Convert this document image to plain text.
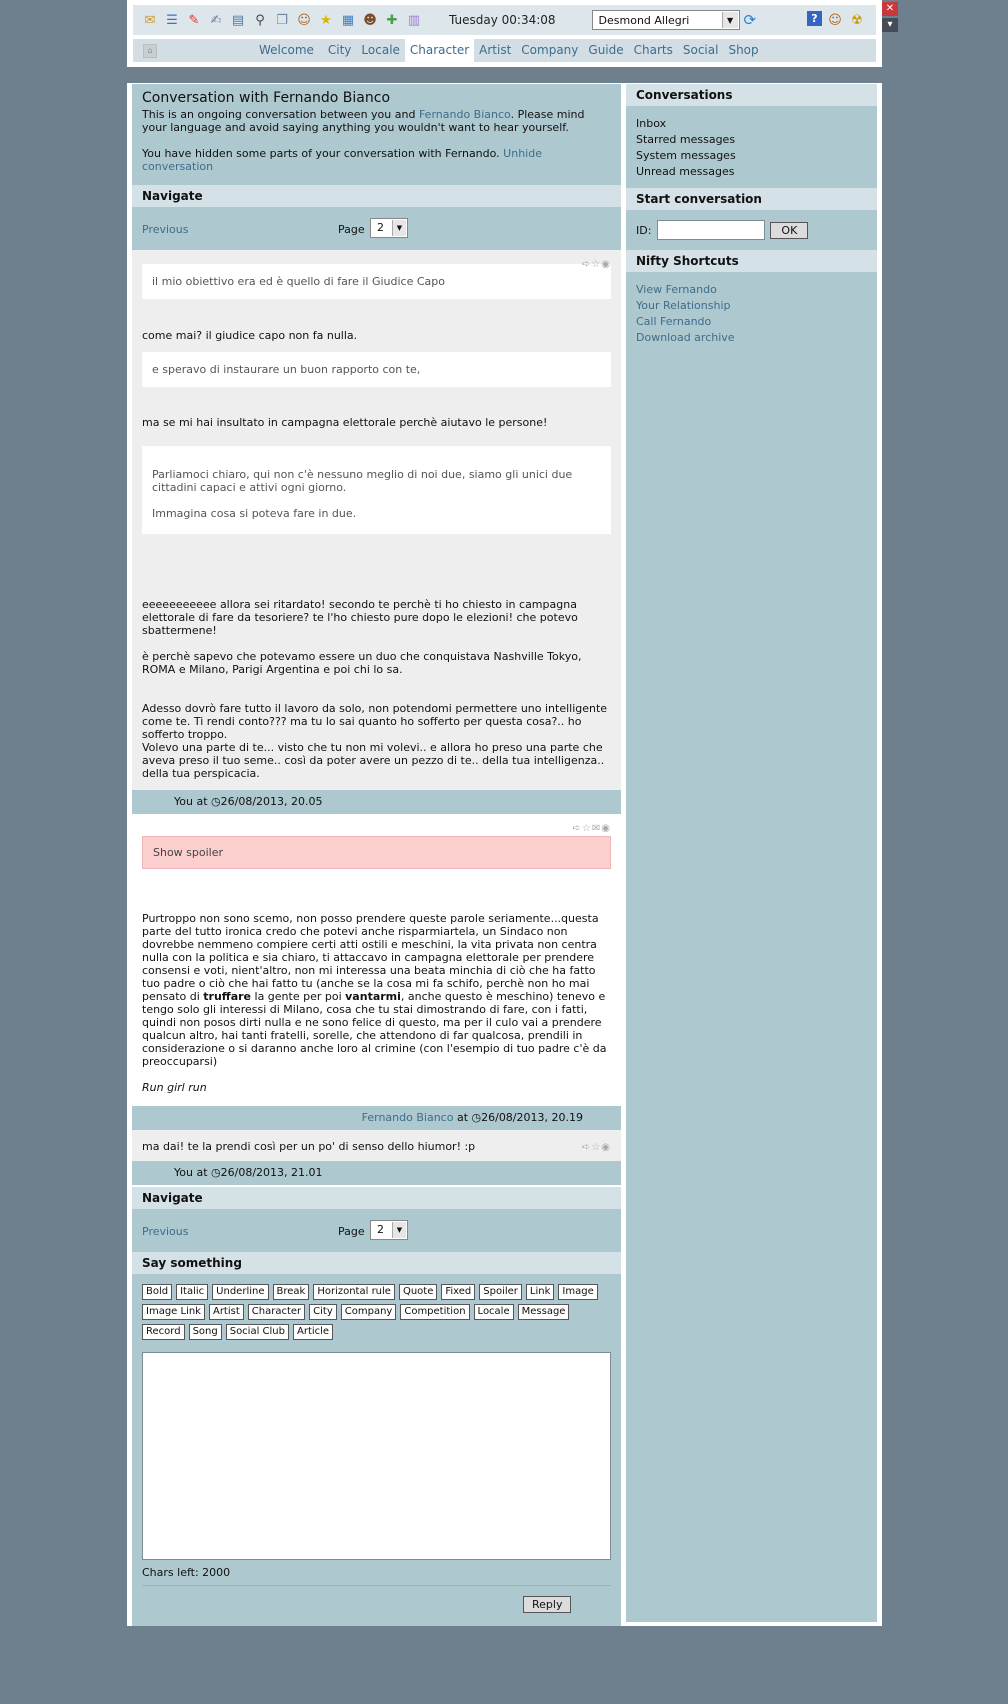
✉ ☰ ✎ ✍ ▤ ⚲ ❐ ☺ ★ ▦ ☻ ✚ ▥ Tuesday 00:34:08	Desmond Allegri	▼ ⟳	? ☺ ☢
⌂	Welcome	City Locale Character Artist Company Guide Charts Social Shop
✕
▾
Conversation with Fernando Bianco
This is an ongoing conversation between you and Fernando Bianco. Please mind your language and avoid saying anything you wouldn't want to hear yourself.

You have hidden some parts of your conversation with Fernando. Unhide conversation
Navigate
Previous	Page	2	▼
➪☆◉
il mio obiettivo era ed è quello di fare il Giudice Capo

come mai? il giudice capo non fa nulla.

e speravo di instaurare un buon rapporto con te,

ma se mi hai insultato in campagna elettorale perchè aiutavo le persone!

Parliamoci chiaro, qui non c'è nessuno meglio di noi due, siamo gli unici due cittadini capaci e attivi ogni giorno.

Immagina cosa si poteva fare in due.

eeeeeeeeeee allora sei ritardato! secondo te perchè ti ho chiesto in campagna elettorale di fare da tesoriere? te l'ho chiesto pure dopo le elezioni! che potevo sbattermene!

è perchè sapevo che potevamo essere un duo che conquistava Nashville Tokyo, ROMA e Milano, Parigi Argentina e poi chi lo sa.

Adesso dovrò fare tutto il lavoro da solo, non potendomi permettere uno intelligente come te. Ti rendi conto??? ma tu lo sai quanto ho sofferto per questa cosa?.. ho sofferto troppo.

Volevo una parte di te... visto che tu non mi volevi.. e allora ho preso una parte che aveva preso il tuo seme.. così da poter avere un pezzo di te.. della tua intelligenza.. della tua perspicacia.

You at ◷26/08/2013, 20.05
➪☆✉◉
Show spoiler

Purtroppo non sono scemo, non posso prendere queste parole seriamente...questa parte del tutto ironica credo che potevi anche risparmiartela, un Sindaco non dovrebbe nemmeno compiere certi atti ostili e meschini, la vita privata non centra nulla con la politica e sia chiaro, ti attaccavo in campagna elettorale per prendere consensi e voti, nient'altro, non mi interessa una beata minchia di ciò che ha fatto tuo padre o ciò che hai fatto tu (anche se la cosa mi fa schifo, perchè non ho mai pensato di truffare la gente per poi vantarmi, anche questo è meschino) tenevo e tengo solo gli interessi di Milano, cosa che tu stai dimostrando di fare, con i fatti, quindi non posos dirti nulla e ne sono felice di questo, ma per il culo vai a prendere qualcun altro, hai tanti fratelli, sorelle, che attendono di far qualcosa, prendili in considerazione o si daranno anche loro al crimine (con l'esempio di tuo padre c'è da preoccuparsi)

Run girl run

Fernando Bianco at ◷26/08/2013, 20.19
➪☆◉

ma dai! te la prendi così per un po' di senso dello hiumor! :p

You at ◷26/08/2013, 21.01
Navigate
Previous	Page	2	▼
Say something
Bold	Italic	Underline	Break	Horizontal rule	Quote	Fixed	Spoiler	Link	Image
Image Link	Artist	Character	City	Company	Competition	Locale	Message
Record	Song	Social Club	Article
Chars left: 2000
Reply
Conversations
Inbox
Starred messages
System messages
Unread messages
Start conversation
ID:	OK
Nifty Shortcuts
View Fernando
Your Relationship
Call Fernando
Download archive
